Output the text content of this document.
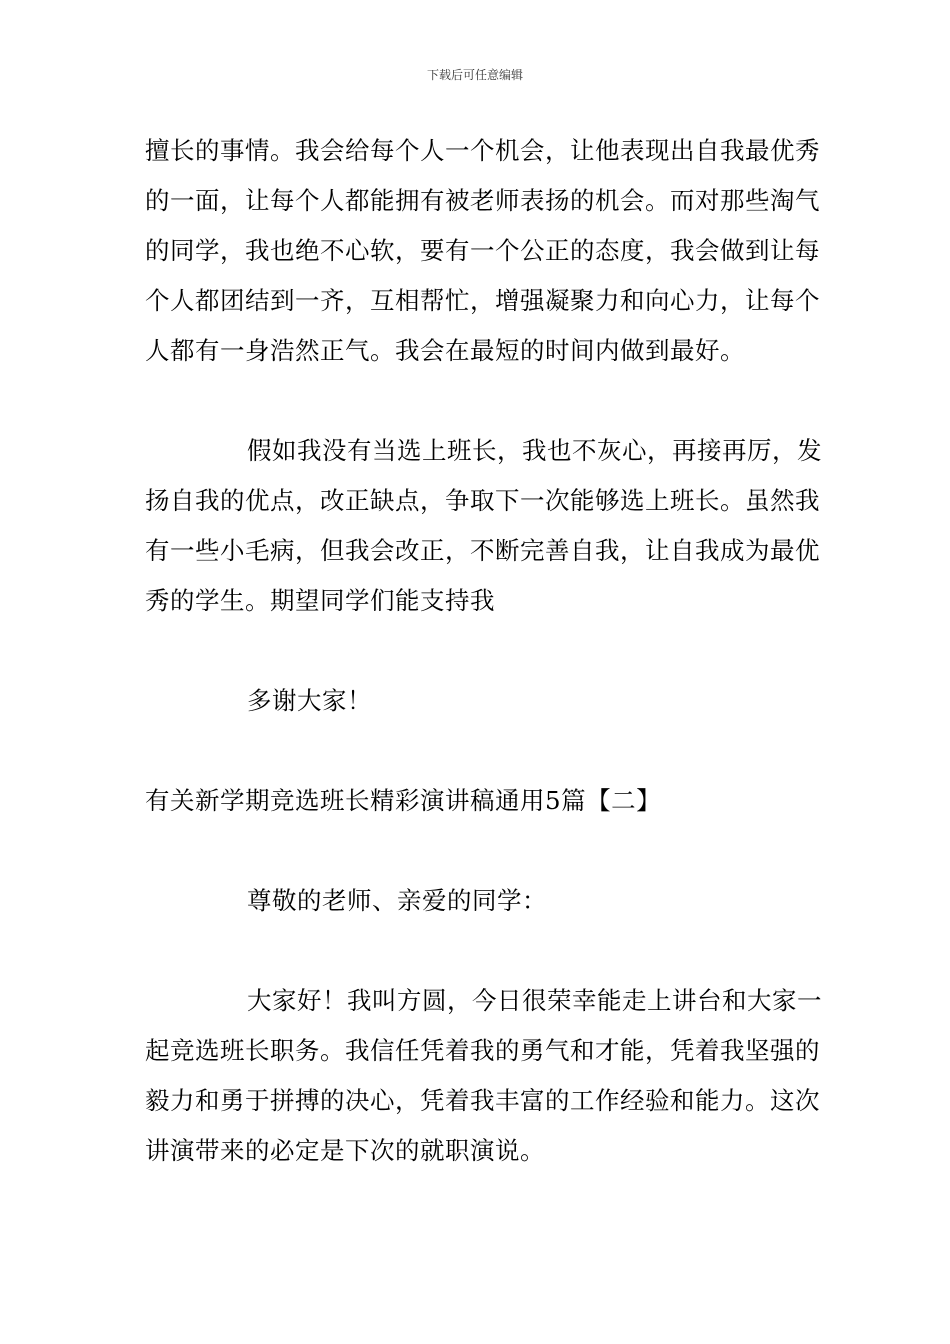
下载后可任意编辑

擅长的事情。我会给每个人一个机会，让他表现出自我最优秀的一面，让每个人都能拥有被老师表扬的机会。而对那些淘气的同学，我也绝不心软，要有一个公正的态度，我会做到让每个人都团结到一齐，互相帮忙，增强凝聚力和向心力，让每个人都有一身浩然正气。我会在最短的时间内做到最好。

假如我没有当选上班长，我也不灰心，再接再厉，发扬自我的优点，改正缺点，争取下一次能够选上班长。虽然我有一些小毛病，但我会改正，不断完善自我，让自我成为最优秀的学生。期望同学们能支持我

多谢大家！

有关新学期竞选班长精彩演讲稿通用5篇【二】

尊敬的老师、亲爱的同学：

大家好！我叫方圆，今日很荣幸能走上讲台和大家一起竞选班长职务。我信任凭着我的勇气和才能，凭着我坚强的毅力和勇于拼搏的决心，凭着我丰富的工作经验和能力。这次讲演带来的必定是下次的就职演说。
